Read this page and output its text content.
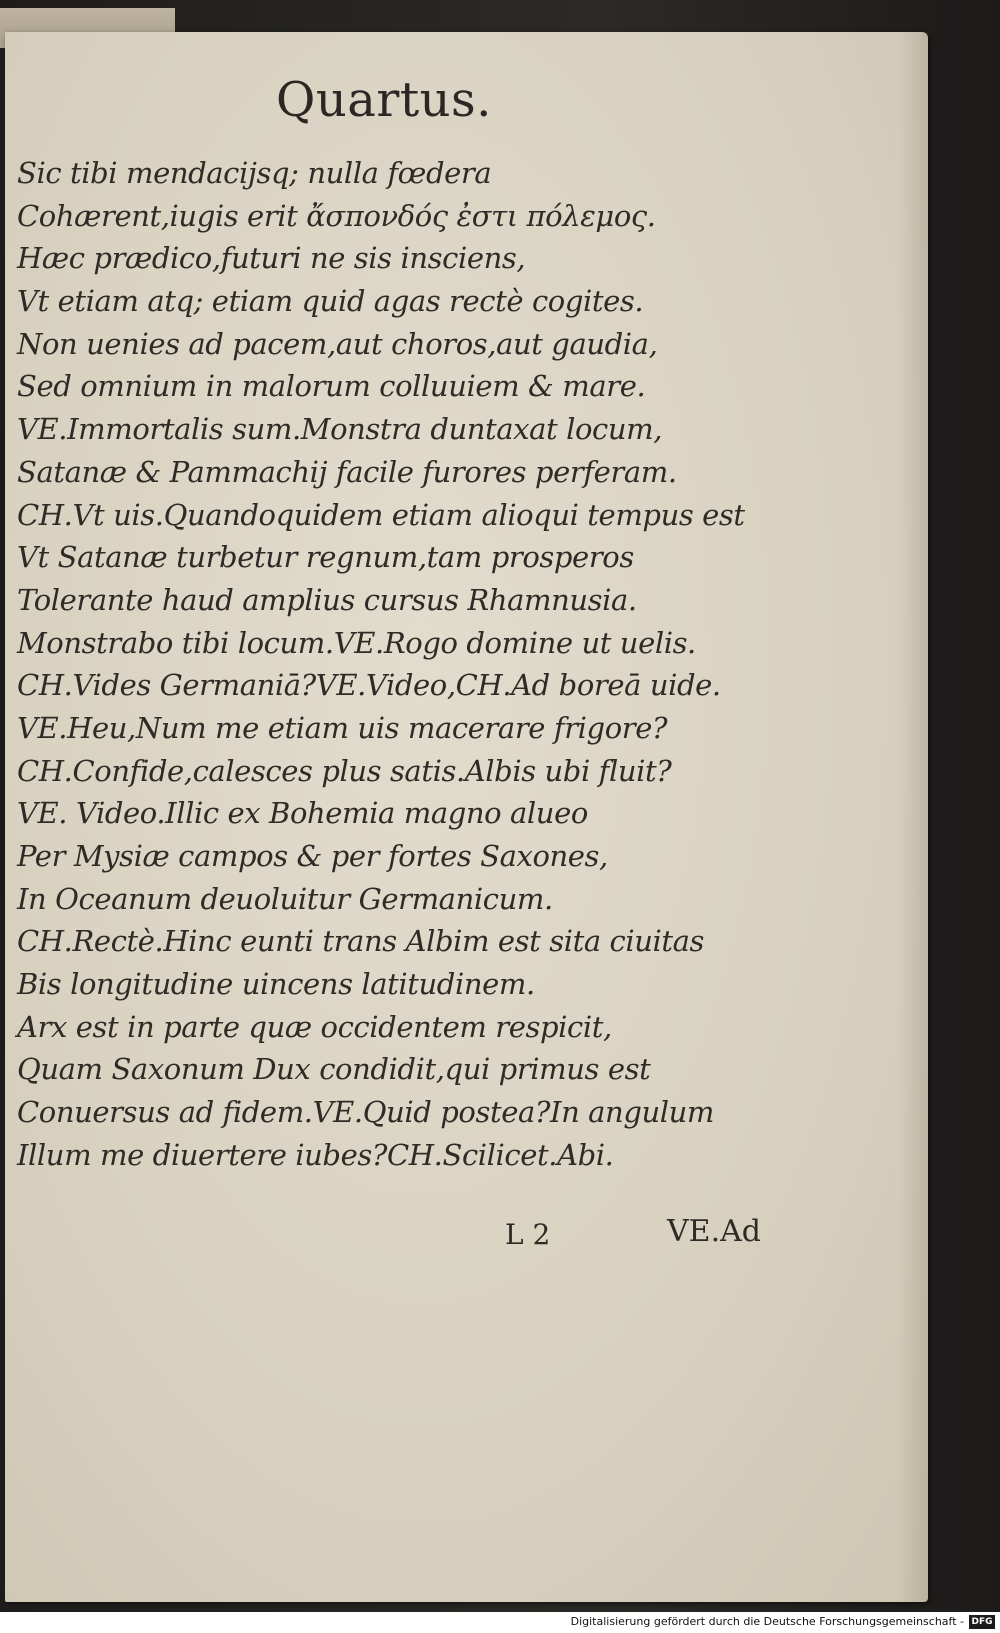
Quartus.
Sic tibi mendacijsq; nulla fœdera
Cohærent,iugis erit ἄσπονδός ἐστι πόλεμος.
Hæc prædico,futuri ne sis insciens,
Vt etiam atq; etiam quid agas rectè cogites.
Non uenies ad pacem,aut choros,aut gaudia,
Sed omnium in malorum colluuiem & mare.
VE.Immortalis sum.Monstra duntaxat locum,
Satanæ & Pammachij facile furores perferam.
CH.Vt uis.Quandoquidem etiam alioqui tempus est
Vt Satanæ turbetur regnum,tam prosperos
Tolerante haud amplius cursus Rhamnusia.
Monstrabo tibi locum.VE.Rogo domine ut uelis.
CH.Vides Germaniā?VE.Video,CH.Ad boreā uide.
VE.Heu,Num me etiam uis macerare frigore?
CH.Confide,calesces plus satis.Albis ubi fluit?
VE. Video.Illic ex Bohemia magno alueo
Per Mysiæ campos & per fortes Saxones,
In Oceanum deuoluitur Germanicum.
CH.Rectè.Hinc eunti trans Albim est sita ciuitas
Bis longitudine uincens latitudinem.
Arx est in parte quæ occidentem respicit,
Quam Saxonum Dux condidit,qui primus est
Conuersus ad fidem.VE.Quid postea?In angulum
Illum me diuertere iubes?CH.Scilicet.Abi.
L 2	VE.Ad
Digitalisierung gefördert durch die Deutsche Forschungsgemeinschaft - DFG
